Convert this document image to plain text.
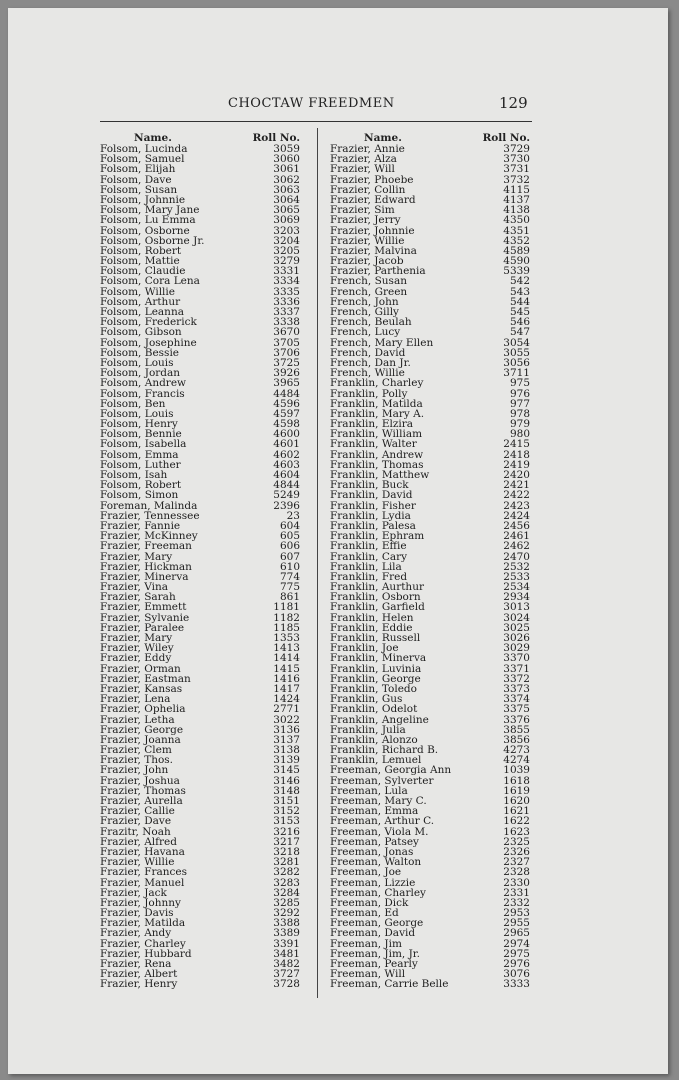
CHOCTAW FREEDMEN	129
Name.	Roll No.
Folsom, Lucinda	3059
Folsom, Samuel	3060
Folsom, Elijah	3061
Folsom, Dave	3062
Folsom, Susan	3063
Folsom, Johnnie	3064
Folsom, Mary Jane	3065
Folsom, Lu Emma	3069
Folsom, Osborne	3203
Folsom, Osborne Jr.	3204
Folsom, Robert	3205
Folsom, Mattie	3279
Folsom, Claudie	3331
Folsom, Cora Lena	3334
Folsom, Willie	3335
Folsom, Arthur	3336
Folsom, Leanna	3337
Folsom, Frederick	3338
Folsom, Gibson	3670
Folsom, Josephine	3705
Folsom, Bessie	3706
Folsom, Louis	3725
Folsom, Jordan	3926
Folsom, Andrew	3965
Folsom, Francis	4484
Folsom, Ben	4596
Folsom, Louis	4597
Folsom, Henry	4598
Folsom, Bennie	4600
Folsom, Isabella	4601
Folsom, Emma	4602
Folsom, Luther	4603
Folsom, Isah	4604
Folsom, Robert	4844
Folsom, Simon	5249
Foreman, Malinda	2396
Frazier, Tennessee	23
Frazier, Fannie	604
Frazier, McKinney	605
Frazier, Freeman	606
Frazier, Mary	607
Frazier, Hickman	610
Frazier, Minerva	774
Frazier, Vina	775
Frazier, Sarah	861
Frazier, Emmett	1181
Frazier, Sylvanie	1182
Frazier, Paralee	1185
Frazier, Mary	1353
Frazier, Wiley	1413
Frazier, Eddy	1414
Frazier, Orman	1415
Frazier, Eastman	1416
Frazier, Kansas	1417
Frazier, Lena	1424
Frazier, Ophelia	2771
Frazier, Letha	3022
Frazier, George	3136
Frazier, Joanna	3137
Frazier, Clem	3138
Frazier, Thos.	3139
Frazier, John	3145
Frazier, Joshua	3146
Frazier, Thomas	3148
Frazier, Aurella	3151
Frazier, Callie	3152
Frazier, Dave	3153
Frazitr, Noah	3216
Frazier, Alfred	3217
Frazier, Havana	3218
Frazier, Willie	3281
Frazier, Frances	3282
Frazier, Manuel	3283
Frazier, Jack	3284
Frazier, Johnny	3285
Frazier, Davis	3292
Frazier, Matilda	3388
Frazier, Andy	3389
Frazier, Charley	3391
Frazier, Hubbard	3481
Frazier, Rena	3482
Frazier, Albert	3727
Frazier, Henry	3728
Name.	Roll No.
Frazier, Annie	3729
Frazier, Alza	3730
Frazier, Will	3731
Frazier, Phoebe	3732
Frazier, Collin	4115
Frazier, Edward	4137
Frazier, Sim	4138
Frazier, Jerry	4350
Frazier, Johnnie	4351
Frazier, Willie	4352
Frazier, Malvina	4589
Frazier, Jacob	4590
Frazier, Parthenia	5339
French, Susan	542
French, Green	543
French, John	544
French, Gilly	545
French, Beulah	546
French, Lucy	547
French, Mary Ellen	3054
French, David	3055
French, Dan Jr.	3056
French, Willie	3711
Franklin, Charley	975
Franklin, Polly	976
Franklin, Matilda	977
Franklin, Mary A.	978
Franklin, Elzira	979
Franklin, William	980
Franklin, Walter	2415
Franklin, Andrew	2418
Franklin, Thomas	2419
Franklin, Matthew	2420
Franklin, Buck	2421
Franklin, David	2422
Franklin, Fisher	2423
Franklin, Lydia	2424
Franklin, Palesa	2456
Franklin, Ephram	2461
Franklin, Effie	2462
Franklin, Cary	2470
Franklin, Lila	2532
Franklin, Fred	2533
Franklin, Aurthur	2534
Franklin, Osborn	2934
Franklin, Garfield	3013
Franklin, Helen	3024
Franklin, Eddie	3025
Franklin, Russell	3026
Franklin, Joe	3029
Franklin, Minerva	3370
Franklin, Luvinia	3371
Franklin, George	3372
Franklin, Toledo	3373
Franklin, Gus	3374
Franklin, Odelot	3375
Franklin, Angeline	3376
Franklin, Julia	3855
Franklin, Alonzo	3856
Franklin, Richard B.	4273
Franklin, Lemuel	4274
Freeman, Georgia Ann	1039
Freeman, Sylverter	1618
Freeman, Lula	1619
Freeman, Mary C.	1620
Freeman, Emma	1621
Freeman, Arthur C.	1622
Freeman, Viola M.	1623
Freeman, Patsey	2325
Freeman, Jonas	2326
Freeman, Walton	2327
Freeman, Joe	2328
Freeman, Lizzie	2330
Freeman, Charley	2331
Freeman, Dick	2332
Freeman, Ed	2953
Freeman, George	2955
Freeman, David	2965
Freeman, Jim	2974
Freeman, Jim, Jr.	2975
Freeman, Pearly	2976
Freeman, Will	3076
Freeman, Carrie Belle	3333
